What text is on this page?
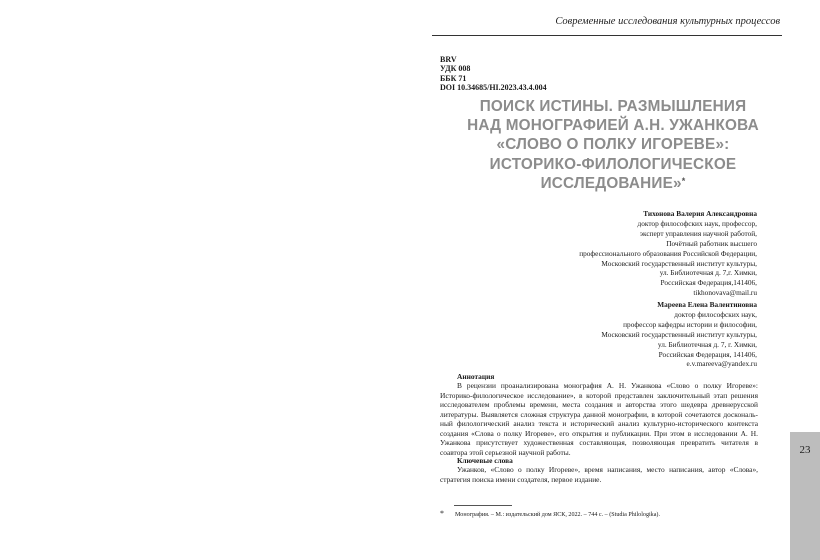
Современные исследования культурных процессов
BRV
УДК 008
ББК 71
DOI 10.34685/HI.2023.43.4.004
ПОИСК ИСТИНЫ. РАЗМЫШЛЕНИЯ
НАД МОНОГРАФИЕЙ А.Н. УЖАНКОВА
«СЛОВО О ПОЛКУ ИГОРЕВЕ»:
ИСТОРИКО-ФИЛОЛОГИЧЕСКОЕ
ИССЛЕДОВАНИЕ»*
Тихонова Валерия Александровна
доктор философских наук, профессор,
эксперт управления научной работой,
Почётный работник высшего
профессионального образования Российской Федерации,
Московский государственный институт культуры,
ул. Библиотечная д. 7,г. Химки,
Российская Федерация,141406,
tikhonovava@mail.ru
Мареева Елена Валентиновна
доктор философских наук,
профессор кафедры истории и философии,
Московский государственный институт культуры,
ул. Библиотечная д. 7, г. Химки,
Российская Федерация, 141406,
e.v.mareeva@yandex.ru
Аннотация
В рецензии проанализирована монография А. Н. Ужанкова «Слово о полку Игореве»: Историко-филологическое исследование», в которой представлен заключительный этап решения исследователем проблемы времени, места создания и авторства этого шедевра древнерусской литературы. Выявляется сложная структура данной монографии, в которой сочетаются доскональный филологический анализ текста и исторический анализ культурно-исторического контекста создания «Слова о полку Игореве», его открытия и публикации. При этом в исследовании А. Н. Ужанкова присутствует художественная составляющая, позволяющая превратить читателя в соавтора этой серьезной научной работы.
Ключевые слова
Ужанков, «Слово о полку Игореве», время написания, место написания, автор «Слова», стратегия поиска имени создателя, первое издание.
* Монография. – М.: издательский дом ЯСК, 2022. – 744 с. – (Studia Philologika).
23
